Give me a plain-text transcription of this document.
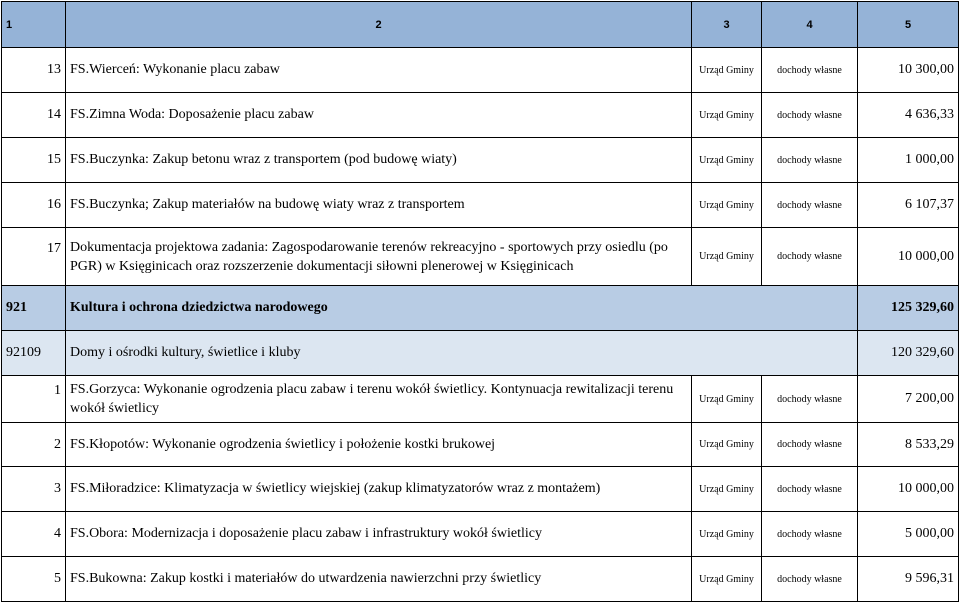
1	2	3	4	5
13	FS.Wierceń: Wykonanie placu zabaw	Urząd Gminy	dochody własne	10 300,00
14	FS.Zimna Woda: Doposażenie placu zabaw	Urząd Gminy	dochody własne	4 636,33
15	FS.Buczynka: Zakup betonu wraz z transportem (pod budowę wiaty)	Urząd Gminy	dochody własne	1 000,00
16	FS.Buczynka; Zakup materiałów na budowę wiaty wraz z transportem	Urząd Gminy	dochody własne	6 107,37
17	Dokumentacja projektowa zadania: Zagospodarowanie terenów rekreacyjno - sportowych przy osiedlu (po PGR) w Księginicach oraz rozszerzenie dokumentacji siłowni plenerowej w Księginicach	Urząd Gminy	dochody własne	10 000,00
921	Kultura i ochrona dziedzictwa narodowego			125 329,60
92109	Domy i ośrodki kultury, świetlice i kluby			120 329,60
1	FS.Gorzyca: Wykonanie ogrodzenia placu zabaw i terenu wokół świetlicy. Kontynuacja rewitalizacji terenu wokół świetlicy	Urząd Gminy	dochody własne	7 200,00
2	FS.Kłopotów: Wykonanie ogrodzenia świetlicy i położenie kostki brukowej	Urząd Gminy	dochody własne	8 533,29
3	FS.Miłoradzice: Klimatyzacja w świetlicy wiejskiej (zakup klimatyzatorów wraz z montażem)	Urząd Gminy	dochody własne	10 000,00
4	FS.Obora: Modernizacja i doposażenie placu zabaw i infrastruktury wokół świetlicy	Urząd Gminy	dochody własne	5 000,00
5	FS.Bukowna: Zakup kostki i materiałów do utwardzenia nawierzchni przy świetlicy	Urząd Gminy	dochody własne	9 596,31
